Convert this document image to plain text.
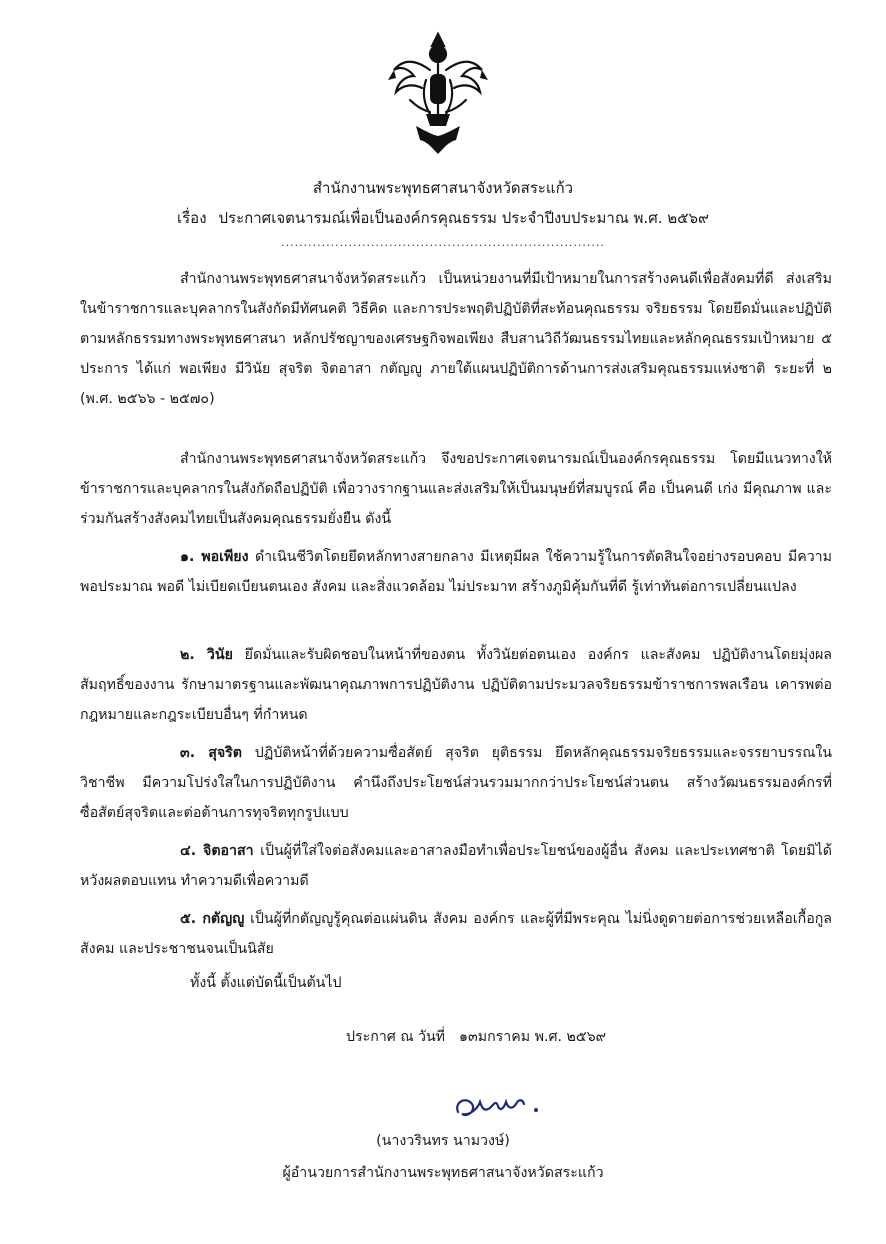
สำนักงานพระพุทธศาสนาจังหวัดสระแก้ว
เรื่อง ประกาศเจตนารมณ์เพื่อเป็นองค์กรคุณธรรม ประจำปีงบประมาณ พ.ศ. ๒๕๖๙
........................................................................
สำนักงานพระพุทธศาสนาจังหวัดสระแก้ว เป็นหน่วยงานที่มีเป้าหมายในการสร้างคนดีเพื่อสังคมที่ดี ส่งเสริมในข้าราชการและบุคลากรในสังกัดมีทัศนคติ วิธีคิด และการประพฤติปฏิบัติที่สะท้อนคุณธรรม จริยธรรม โดยยึดมั่นและปฏิบัติตามหลักธรรมทางพระพุทธศาสนา หลักปรัชญาของเศรษฐกิจพอเพียง สืบสานวิถีวัฒนธรรมไทยและหลักคุณธรรมเป้าหมาย ๕ ประการ ได้แก่ พอเพียง มีวินัย สุจริต จิตอาสา กตัญญู ภายใต้แผนปฏิบัติการด้านการส่งเสริมคุณธรรมแห่งชาติ ระยะที่ ๒ (พ.ศ. ๒๕๖๖ - ๒๕๗๐)
สำนักงานพระพุทธศาสนาจังหวัดสระแก้ว จึงขอประกาศเจตนารมณ์เป็นองค์กรคุณธรรม โดยมีแนวทางให้ข้าราชการและบุคลากรในสังกัดถือปฏิบัติ เพื่อวางรากฐานและส่งเสริมให้เป็นมนุษย์ที่สมบูรณ์ คือ เป็นคนดี เก่ง มีคุณภาพ และร่วมกันสร้างสังคมไทยเป็นสังคมคุณธรรมยั่งยืน ดังนี้
๑. พอเพียง ดำเนินชีวิตโดยยึดหลักทางสายกลาง มีเหตุมีผล ใช้ความรู้ในการตัดสินใจอย่างรอบคอบ มีความพอประมาณ พอดี ไม่เบียดเบียนตนเอง สังคม และสิ่งแวดล้อม ไม่ประมาท สร้างภูมิคุ้มกันที่ดี รู้เท่าทันต่อการเปลี่ยนแปลง
๒. วินัย ยึดมั่นและรับผิดชอบในหน้าที่ของตน ทั้งวินัยต่อตนเอง องค์กร และสังคม ปฏิบัติงานโดยมุ่งผลสัมฤทธิ์ของงาน รักษามาตรฐานและพัฒนาคุณภาพการปฏิบัติงาน ปฏิบัติตามประมวลจริยธรรมข้าราชการพลเรือน เคารพต่อกฎหมายและกฎระเบียบอื่นๆ ที่กำหนด
๓. สุจริต ปฏิบัติหน้าที่ด้วยความซื่อสัตย์ สุจริต ยุติธรรม ยึดหลักคุณธรรมจริยธรรมและจรรยาบรรณในวิชาชีพ มีความโปร่งใสในการปฏิบัติงาน คำนึงถึงประโยชน์ส่วนรวมมากกว่าประโยชน์ส่วนตน สร้างวัฒนธรรมองค์กรที่ซื่อสัตย์สุจริตและต่อต้านการทุจริตทุกรูปแบบ
๔. จิตอาสา เป็นผู้ที่ใส่ใจต่อสังคมและอาสาลงมือทำเพื่อประโยชน์ของผู้อื่น สังคม และประเทศชาติ โดยมิได้หวังผลตอบแทน ทำความดีเพื่อความดี
๕. กตัญญู เป็นผู้ที่กตัญญูรู้คุณต่อแผ่นดิน สังคม องค์กร และผู้ที่มีพระคุณ ไม่นิ่งดูดายต่อการช่วยเหลือเกื้อกูลสังคม และประชาชนจนเป็นนิสัย
ทั้งนี้ ตั้งแต่บัดนี้เป็นต้นไป
ประกาศ ณ วันที่ ๑๓มกราคม พ.ศ. ๒๕๖๙
(นางวรินทร นามวงษ์)
ผู้อำนวยการสำนักงานพระพุทธศาสนาจังหวัดสระแก้ว
